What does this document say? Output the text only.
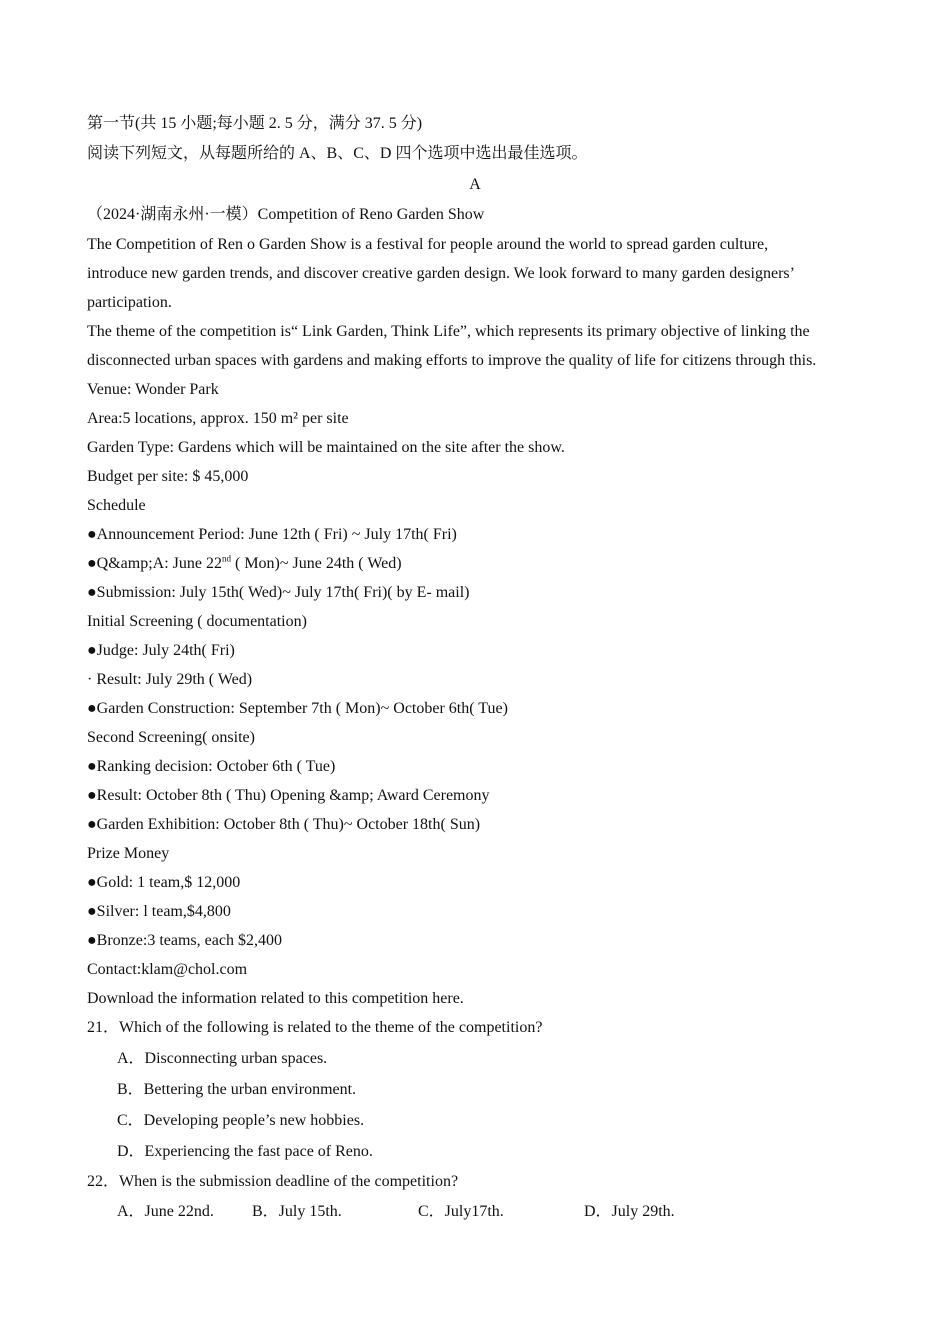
第一节(共 15 小题;每小题 2. 5 分，满分 37. 5 分)
阅读下列短文，从每题所给的 A、B、C、D 四个选项中选出最佳选项。
A
（2024·湖南永州·一模）Competition of Reno Garden Show
The Competition of Ren o Garden Show is a festival for people around the world to spread garden culture,
introduce new garden trends, and discover creative garden design. We look forward to many garden designers’
participation.
The theme of the competition is“ Link Garden, Think Life”, which represents its primary objective of linking the
disconnected urban spaces with gardens and making efforts to improve the quality of life for citizens through this.
Venue: Wonder Park
Area:5 locations, approx. 150 m² per site
Garden Type: Gardens which will be maintained on the site after the show.
Budget per site: $ 45,000
Schedule
●Announcement Period: June 12th ( Fri) ~ July 17th( Fri)
●Q&amp;A: June 22nd ( Mon)~ June 24th ( Wed)
●Submission: July 15th( Wed)~ July 17th( Fri)( by E- mail)
Initial Screening ( documentation)
●Judge: July 24th( Fri)
· Result: July 29th ( Wed)
●Garden Construction: September 7th ( Mon)~ October 6th( Tue)
Second Screening( onsite)
●Ranking decision: October 6th ( Tue)
●Result: October 8th ( Thu) Opening &amp; Award Ceremony
●Garden Exhibition: October 8th ( Thu)~ October 18th( Sun)
Prize Money
●Gold: 1 team,$ 12,000
●Silver: l team,$4,800
●Bronze:3 teams, each $2,400
Contact:klam@chol.com
Download the information related to this competition here.
21．Which of the following is related to the theme of the competition?
A．Disconnecting urban spaces.
B．Bettering the urban environment.
C．Developing people’s new hobbies.
D．Experiencing the fast pace of Reno.
22．When is the submission deadline of the competition?
A．June 22nd. B．July 15th.	C．July17th.	D．July 29th.
